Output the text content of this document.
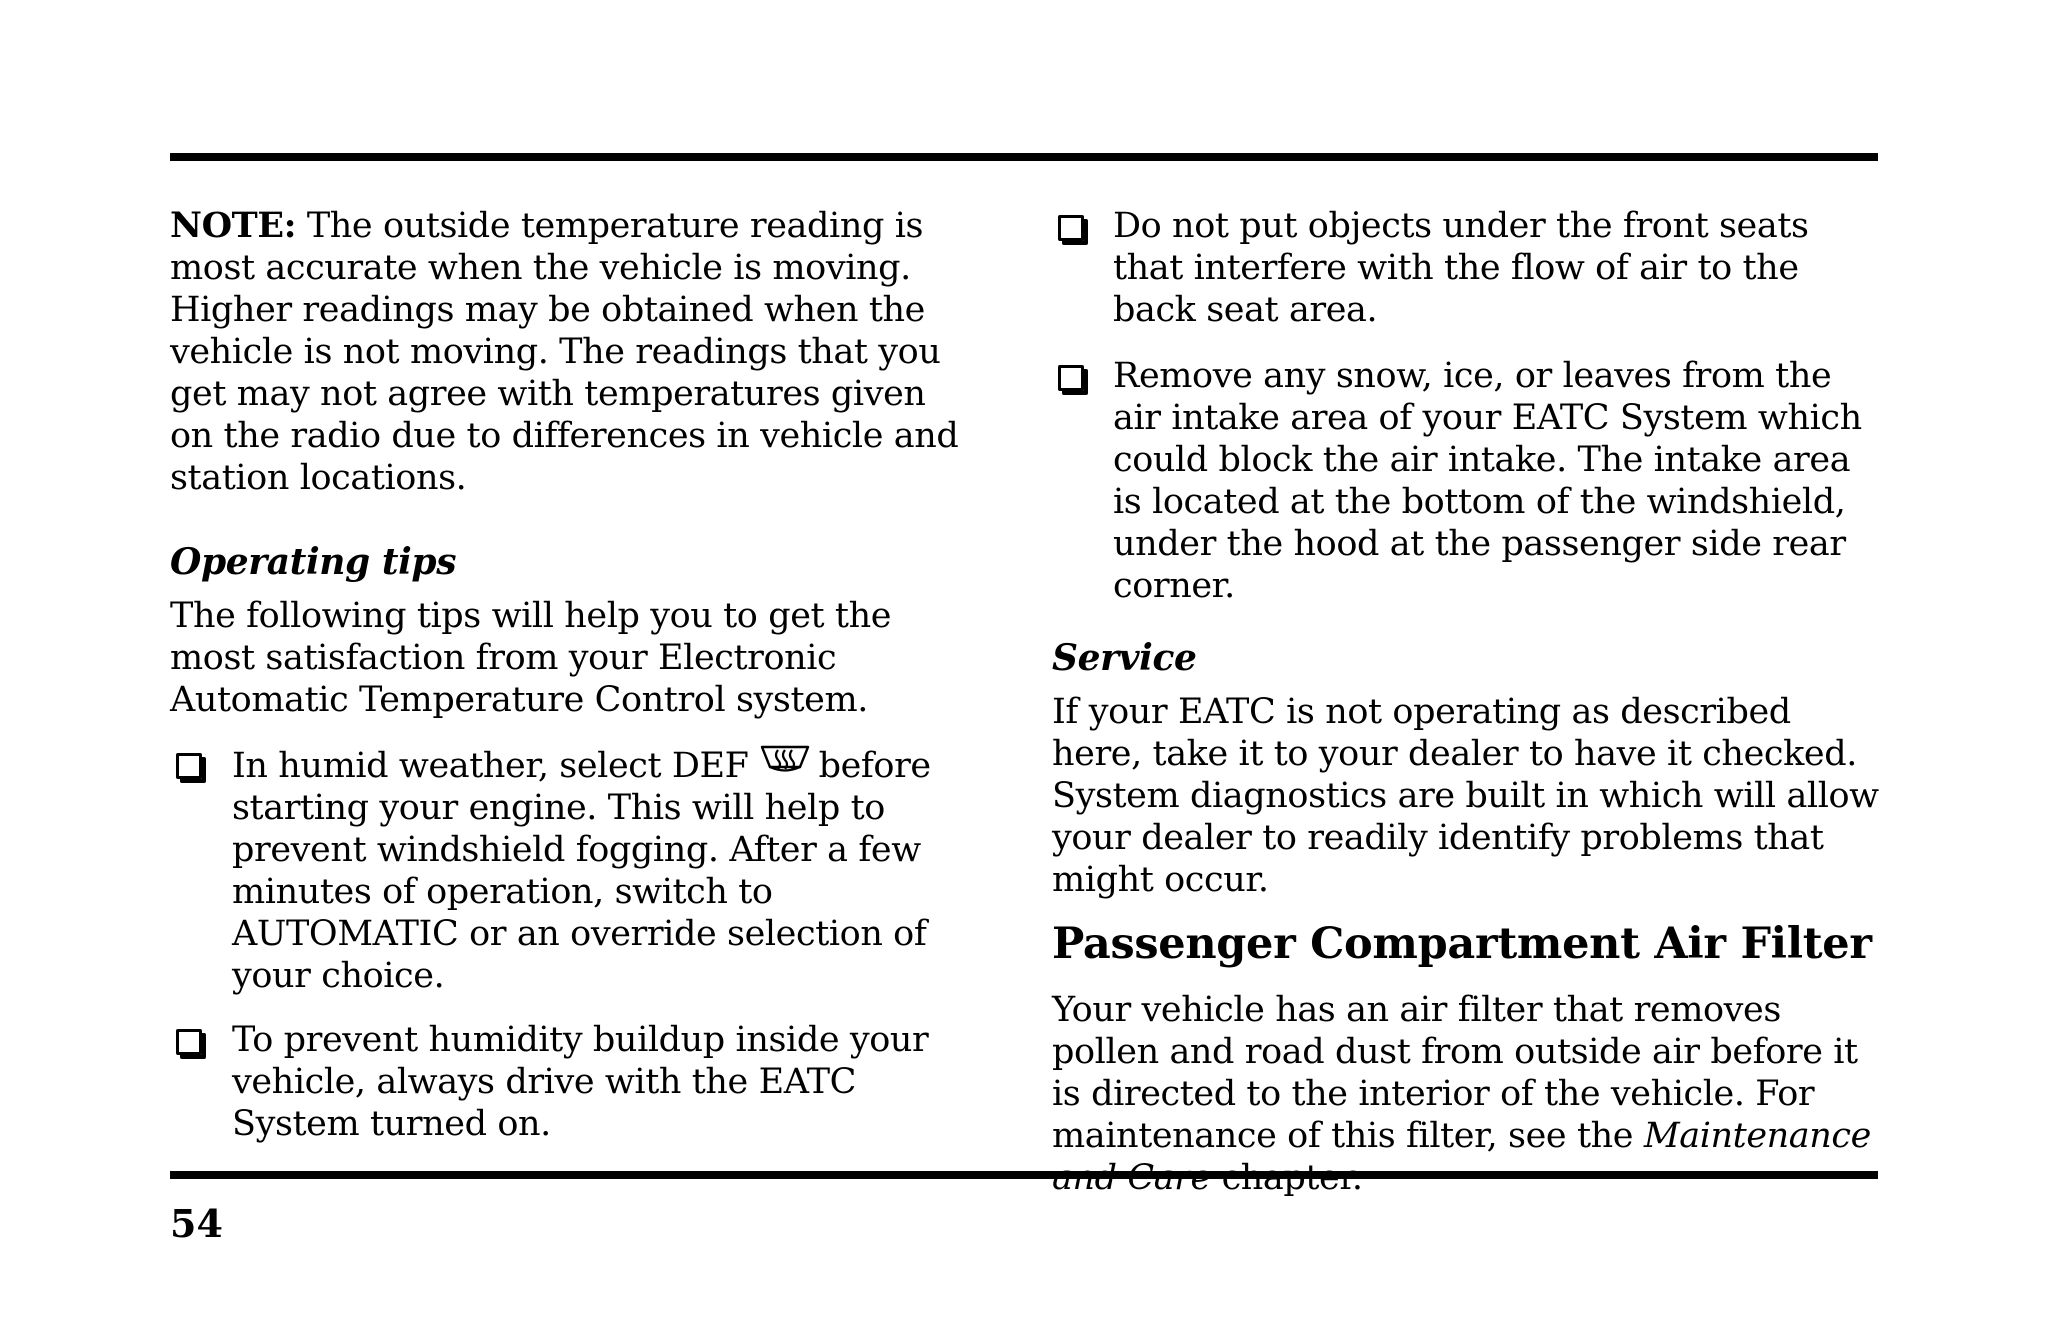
NOTE: The outside temperature reading is most accurate when the vehicle is moving. Higher readings may be obtained when the vehicle is not moving. The readings that you get may not agree with temperatures given on the radio due to differences in vehicle and station locations.

Operating tips

The following tips will help you to get the most satisfaction from your Electronic Automatic Temperature Control system.

In humid weather, select DEF before starting your engine. This will help to prevent windshield fogging. After a few minutes of operation, switch to AUTOMATIC or an override selection of your choice.
To prevent humidity buildup inside your vehicle, always drive with the EATC System turned on.
Do not put objects under the front seats that interfere with the flow of air to the back seat area.
Remove any snow, ice, or leaves from the air intake area of your EATC System which could block the air intake. The intake area is located at the bottom of the windshield, under the hood at the passenger side rear corner.
Service

If your EATC is not operating as described here, take it to your dealer to have it checked. System diagnostics are built in which will allow your dealer to readily identify problems that might occur.

Passenger Compartment Air Filter

Your vehicle has an air filter that removes pollen and road dust from outside air before it is directed to the interior of the vehicle. For maintenance of this filter, see the Maintenance

54
